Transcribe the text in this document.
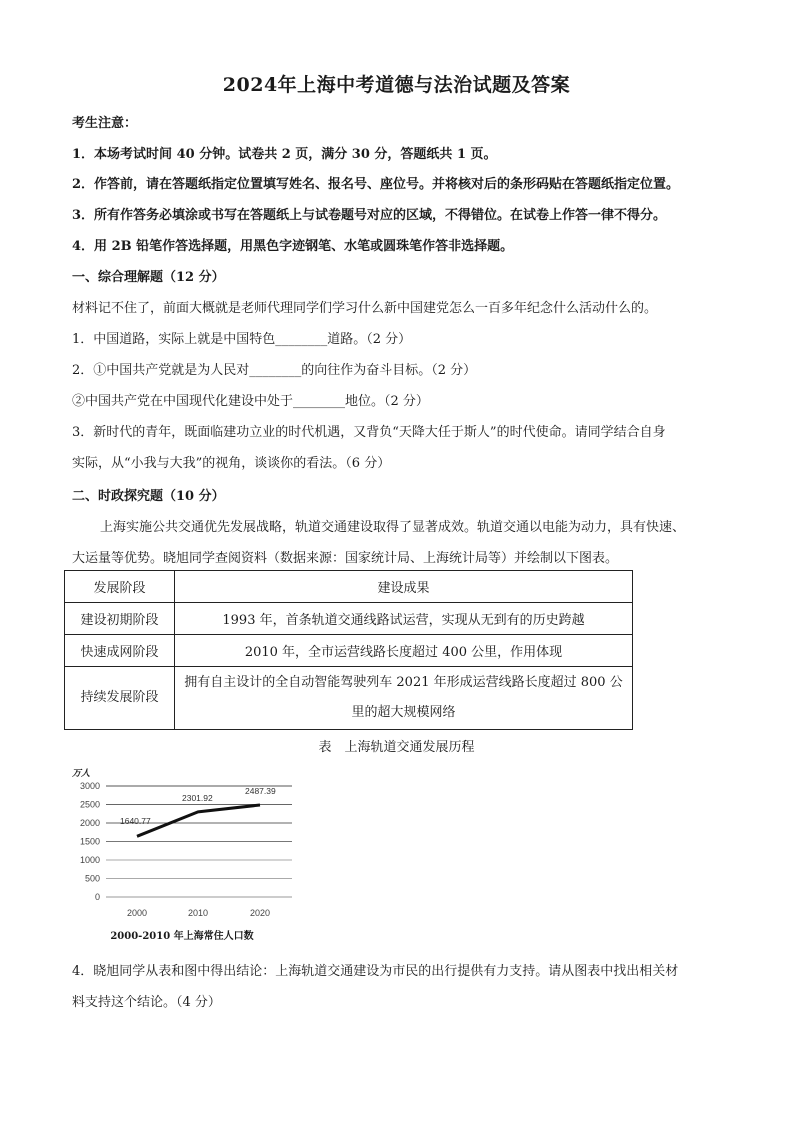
2024年上海中考道德与法治试题及答案
考生注意：
1．本场考试时间 40 分钟。试卷共 2 页，满分 30 分，答题纸共 1 页。
2．作答前，请在答题纸指定位置填写姓名、报名号、座位号。并将核对后的条形码贴在答题纸指定位置。
3．所有作答务必填涂或书写在答题纸上与试卷题号对应的区域，不得错位。在试卷上作答一律不得分。
4．用 2B 铅笔作答选择题，用黑色字迹钢笔、水笔或圆珠笔作答非选择题。
一、综合理解题（12 分）
材料记不住了，前面大概就是老师代理同学们学习什么新中国建党怎么一百多年纪念什么活动什么的。
1．中国道路，实际上就是中国特色________道路。（2 分）
2．①中国共产党就是为人民对________的向往作为奋斗目标。（2 分）
②中国共产党在中国现代化建设中处于________地位。（2 分）
3．新时代的青年，既面临建功立业的时代机遇，又背负“天降大任于斯人”的时代使命。请同学结合自身
实际，从“小我与大我”的视角，谈谈你的看法。（6 分）
二、时政探究题（10 分）
上海实施公共交通优先发展战略，轨道交通建设取得了显著成效。轨道交通以电能为动力，具有快速、
大运量等优势。晓旭同学查阅资料（数据来源：国家统计局、上海统计局等）并绘制以下图表。
发展阶段	建设成果
建设初期阶段	1993 年，首条轨道交通线路试运营，实现从无到有的历史跨越
快速成网阶段	2010 年，全市运营线路长度超过 400 公里，作用体现
持续发展阶段	拥有自主设计的全自动智能驾驶列车 2021 年形成运营线路长度超过 800 公里的超大规模网络
表　上海轨道交通发展历程
万人
3000
2500
2000
1500
1000
500
0
1640.77
2301.92
2487.39
2000	2010	2020
2000-2010 年上海常住人口数
4．晓旭同学从表和图中得出结论：上海轨道交通建设为市民的出行提供有力支持。请从图表中找出相关材
料支持这个结论。（4 分）
